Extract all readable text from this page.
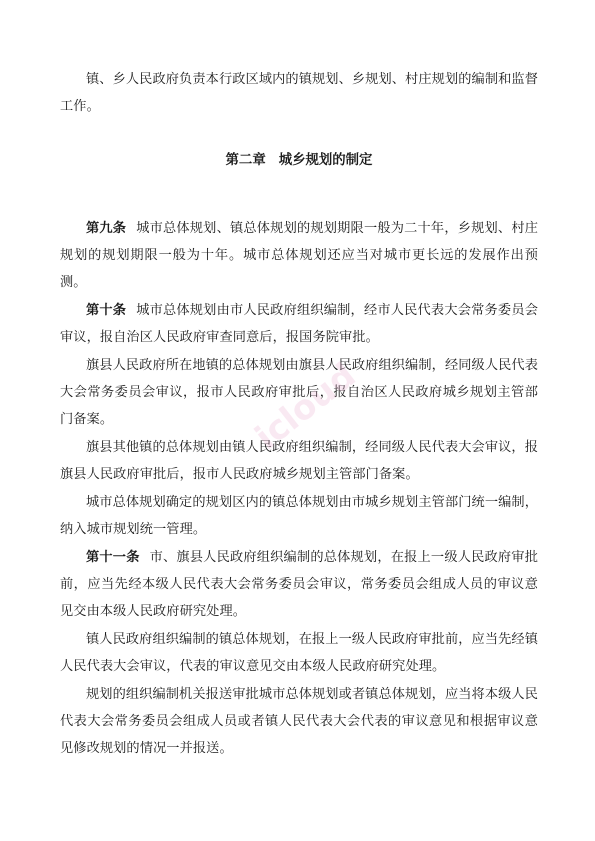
镇、乡人民政府负责本行政区域内的镇规划、乡规划、村庄规划的编制和监督工作。

第二章 城乡规划的制定

第九条 城市总体规划、镇总体规划的规划期限一般为二十年，乡规划、村庄规划的规划期限一般为十年。城市总体规划还应当对城市更长远的发展作出预测。

第十条 城市总体规划由市人民政府组织编制，经市人民代表大会常务委员会审议，报自治区人民政府审查同意后，报国务院审批。

旗县人民政府所在地镇的总体规划由旗县人民政府组织编制，经同级人民代表大会常务委员会审议，报市人民政府审批后，报自治区人民政府城乡规划主管部门备案。

旗县其他镇的总体规划由镇人民政府组织编制，经同级人民代表大会审议，报旗县人民政府审批后，报市人民政府城乡规划主管部门备案。

城市总体规划确定的规划区内的镇总体规划由市城乡规划主管部门统一编制，纳入城市规划统一管理。

第十一条 市、旗县人民政府组织编制的总体规划，在报上一级人民政府审批前，应当先经本级人民代表大会常务委员会审议，常务委员会组成人员的审议意见交由本级人民政府研究处理。

镇人民政府组织编制的镇总体规划，在报上一级人民政府审批前，应当先经镇人民代表大会审议，代表的审议意见交由本级人民政府研究处理。

规划的组织编制机关报送审批城市总体规划或者镇总体规划，应当将本级人民代表大会常务委员会组成人员或者镇人民代表大会代表的审议意见和根据审议意见修改规划的情况一并报送。

icloud
